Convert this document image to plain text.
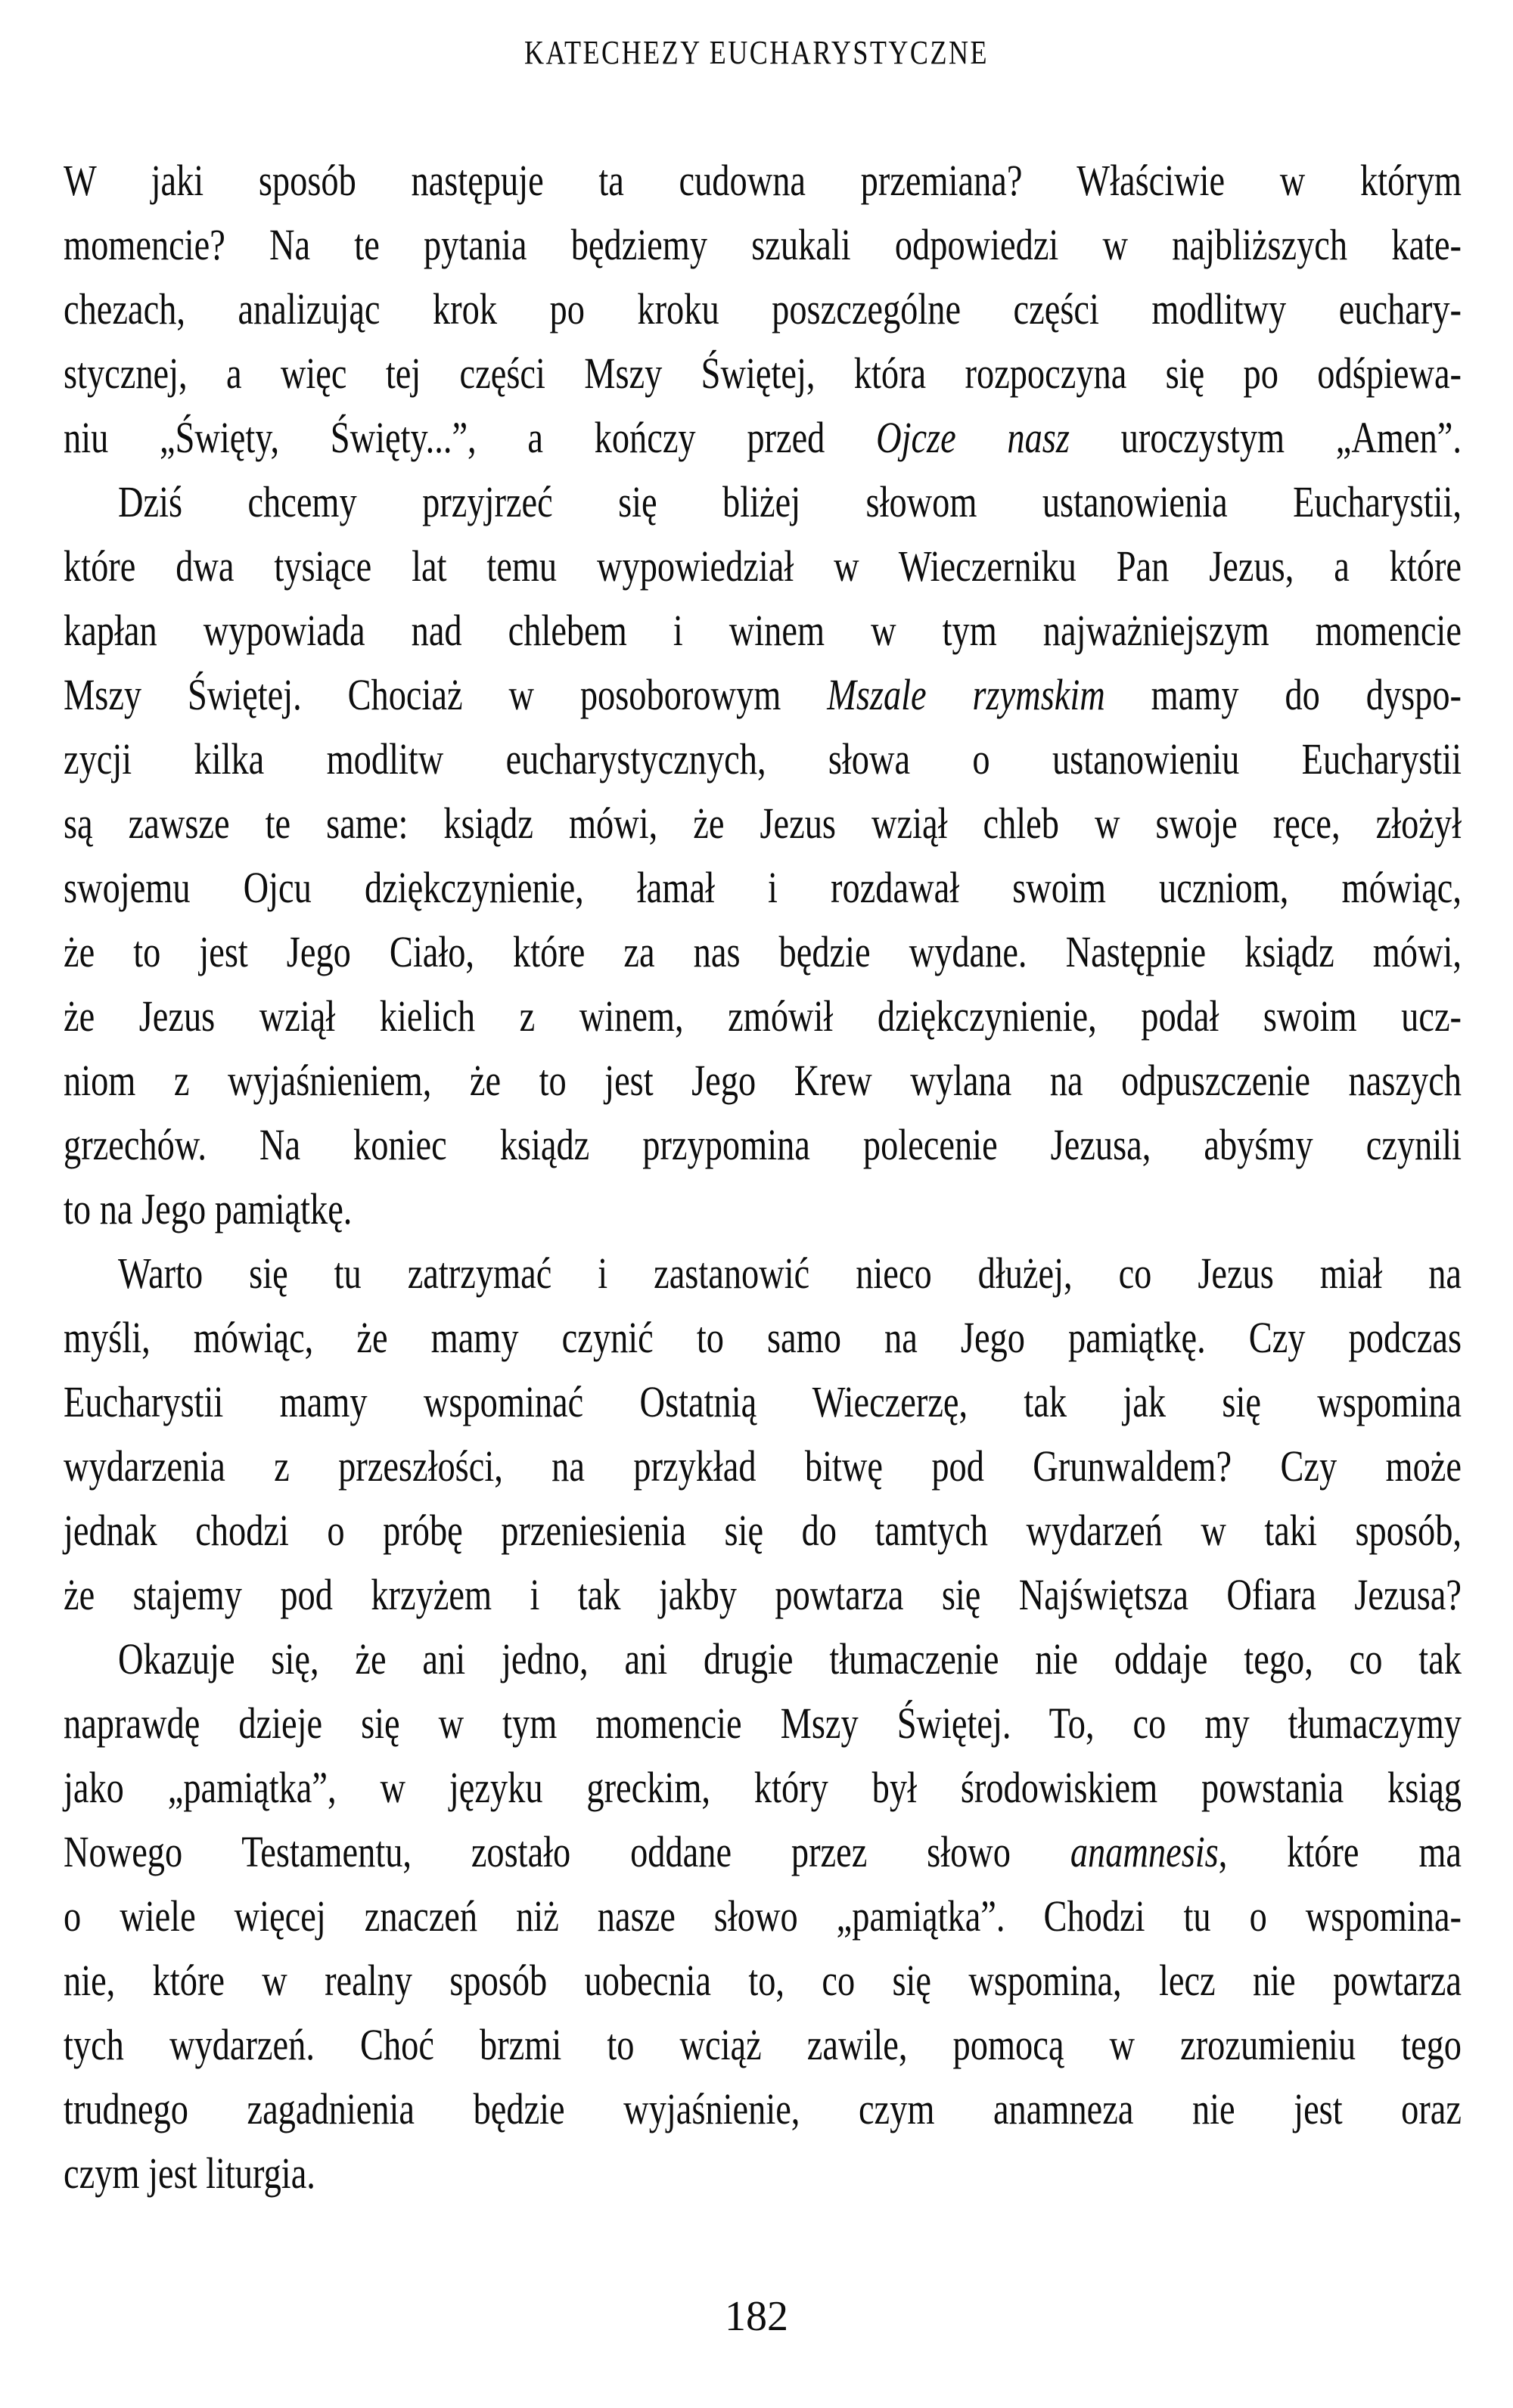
KATECHEZY EUCHARYSTYCZNE
W jaki sposób następuje ta cudowna przemiana? Właściwie w którym
momencie? Na te pytania będziemy szukali odpowiedzi w najbliższych kate-
chezach, analizując krok po kroku poszczególne części modlitwy euchary-
stycznej, a więc tej części Mszy Świętej, która rozpoczyna się po odśpiewa-
niu „Święty, Święty...”, a kończy przed Ojcze nasz uroczystym „Amen”.
Dziś chcemy przyjrzeć się bliżej słowom ustanowienia Eucharystii,
które dwa tysiące lat temu wypowiedział w Wieczerniku Pan Jezus, a które
kapłan wypowiada nad chlebem i winem w tym najważniejszym momencie
Mszy Świętej. Chociaż w posoborowym Mszale rzymskim mamy do dyspo-
zycji kilka modlitw eucharystycznych, słowa o ustanowieniu Eucharystii
są zawsze te same: ksiądz mówi, że Jezus wziął chleb w swoje ręce, złożył
swojemu Ojcu dziękczynienie, łamał i rozdawał swoim uczniom, mówiąc,
że to jest Jego Ciało, które za nas będzie wydane. Następnie ksiądz mówi,
że Jezus wziął kielich z winem, zmówił dziękczynienie, podał swoim ucz-
niom z wyjaśnieniem, że to jest Jego Krew wylana na odpuszczenie naszych
grzechów. Na koniec ksiądz przypomina polecenie Jezusa, abyśmy czynili
to na Jego pamiątkę.
Warto się tu zatrzymać i zastanowić nieco dłużej, co Jezus miał na
myśli, mówiąc, że mamy czynić to samo na Jego pamiątkę. Czy podczas
Eucharystii mamy wspominać Ostatnią Wieczerzę, tak jak się wspomina
wydarzenia z przeszłości, na przykład bitwę pod Grunwaldem? Czy może
jednak chodzi o próbę przeniesienia się do tamtych wydarzeń w taki sposób,
że stajemy pod krzyżem i tak jakby powtarza się Najświętsza Ofiara Jezusa?
Okazuje się, że ani jedno, ani drugie tłumaczenie nie oddaje tego, co tak
naprawdę dzieje się w tym momencie Mszy Świętej. To, co my tłumaczymy
jako „pamiątka”, w języku greckim, który był środowiskiem powstania ksiąg
Nowego Testamentu, zostało oddane przez słowo anamnesis, które ma
o wiele więcej znaczeń niż nasze słowo „pamiątka”. Chodzi tu o wspomina-
nie, które w realny sposób uobecnia to, co się wspomina, lecz nie powtarza
tych wydarzeń. Choć brzmi to wciąż zawile, pomocą w zrozumieniu tego
trudnego zagadnienia będzie wyjaśnienie, czym anamneza nie jest oraz
czym jest liturgia.
182
